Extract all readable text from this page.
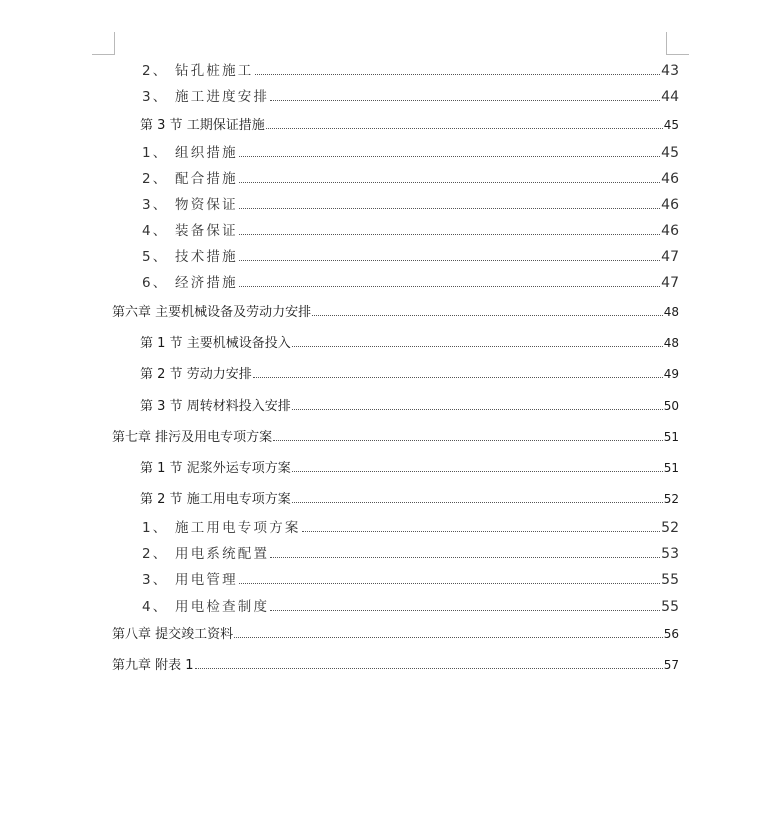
2、 钻孔桩施工	43
3、 施工进度安排	44
第 3 节 工期保证措施	45
1、 组织措施	45
2、 配合措施	46
3、 物资保证	46
4、 装备保证	46
5、 技术措施	47
6、 经济措施	47
第六章 主要机械设备及劳动力安排	48
第 1 节 主要机械设备投入	48
第 2 节 劳动力安排	49
第 3 节 周转材料投入安排	50
第七章 排污及用电专项方案	51
第 1 节 泥浆外运专项方案	51
第 2 节 施工用电专项方案	52
1、 施工用电专项方案	52
2、 用电系统配置	53
3、 用电管理	55
4、 用电检查制度	55
第八章 提交竣工资料	56
第九章 附表 1	57
